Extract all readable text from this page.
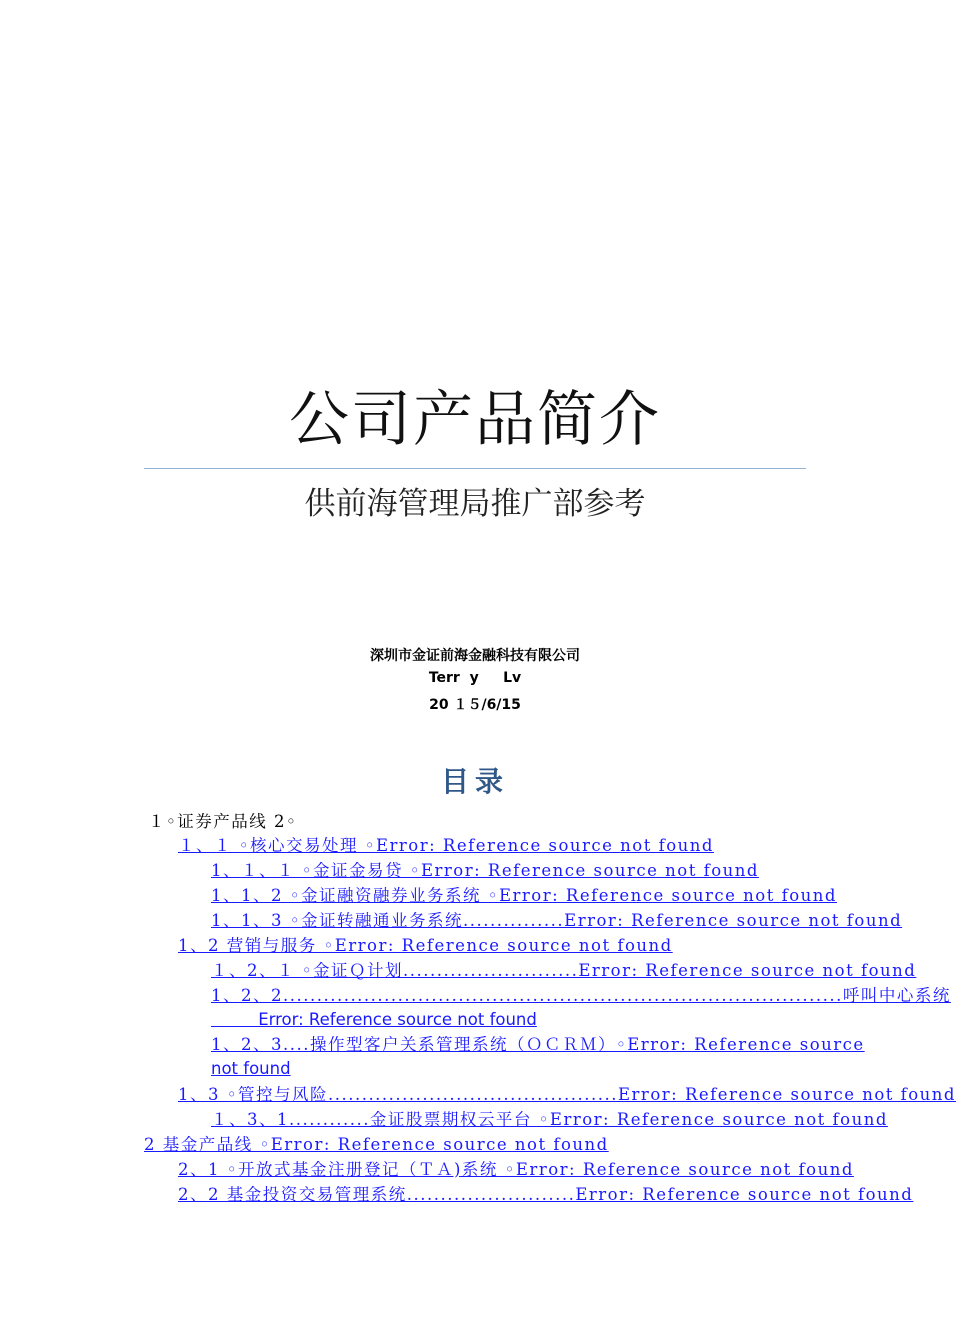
公司产品简介
供前海管理局推广部参考
深圳市金证前海金融科技有限公司
Terr  y     Lv
20 １５/6/15
目录
１◦证券产品线 2◦
１、１ ◦核心交易处理 ◦Error: Reference source not found
1、１、１ ◦金证金易贷 ◦Error: Reference source not found
1、1、2 ◦金证融资融券业务系统 ◦Error: Reference source not found
1、1、3 ◦金证转融通业务系统...............Error: Reference source not found
1、2 营销与服务 ◦Error: Reference source not found
１、2、１ ◦金证Ｑ计划..........................Error: Reference source not found
1、2、2...................................................................................呼叫中心系统
Error: Reference source not found
1、2、3....操作型客户关系管理系统（ＯＣＲＭ）◦Error: Reference source
not found
1、3 ◦管控与风险...........................................Error: Reference source not found
１、3、1............金证股票期权云平台 ◦Error: Reference source not found
2 基金产品线 ◦Error: Reference source not found
2、1 ◦开放式基金注册登记（ＴＡ)系统 ◦Error: Reference source not found
2、2 基金投资交易管理系统.........................Error: Reference source not found
